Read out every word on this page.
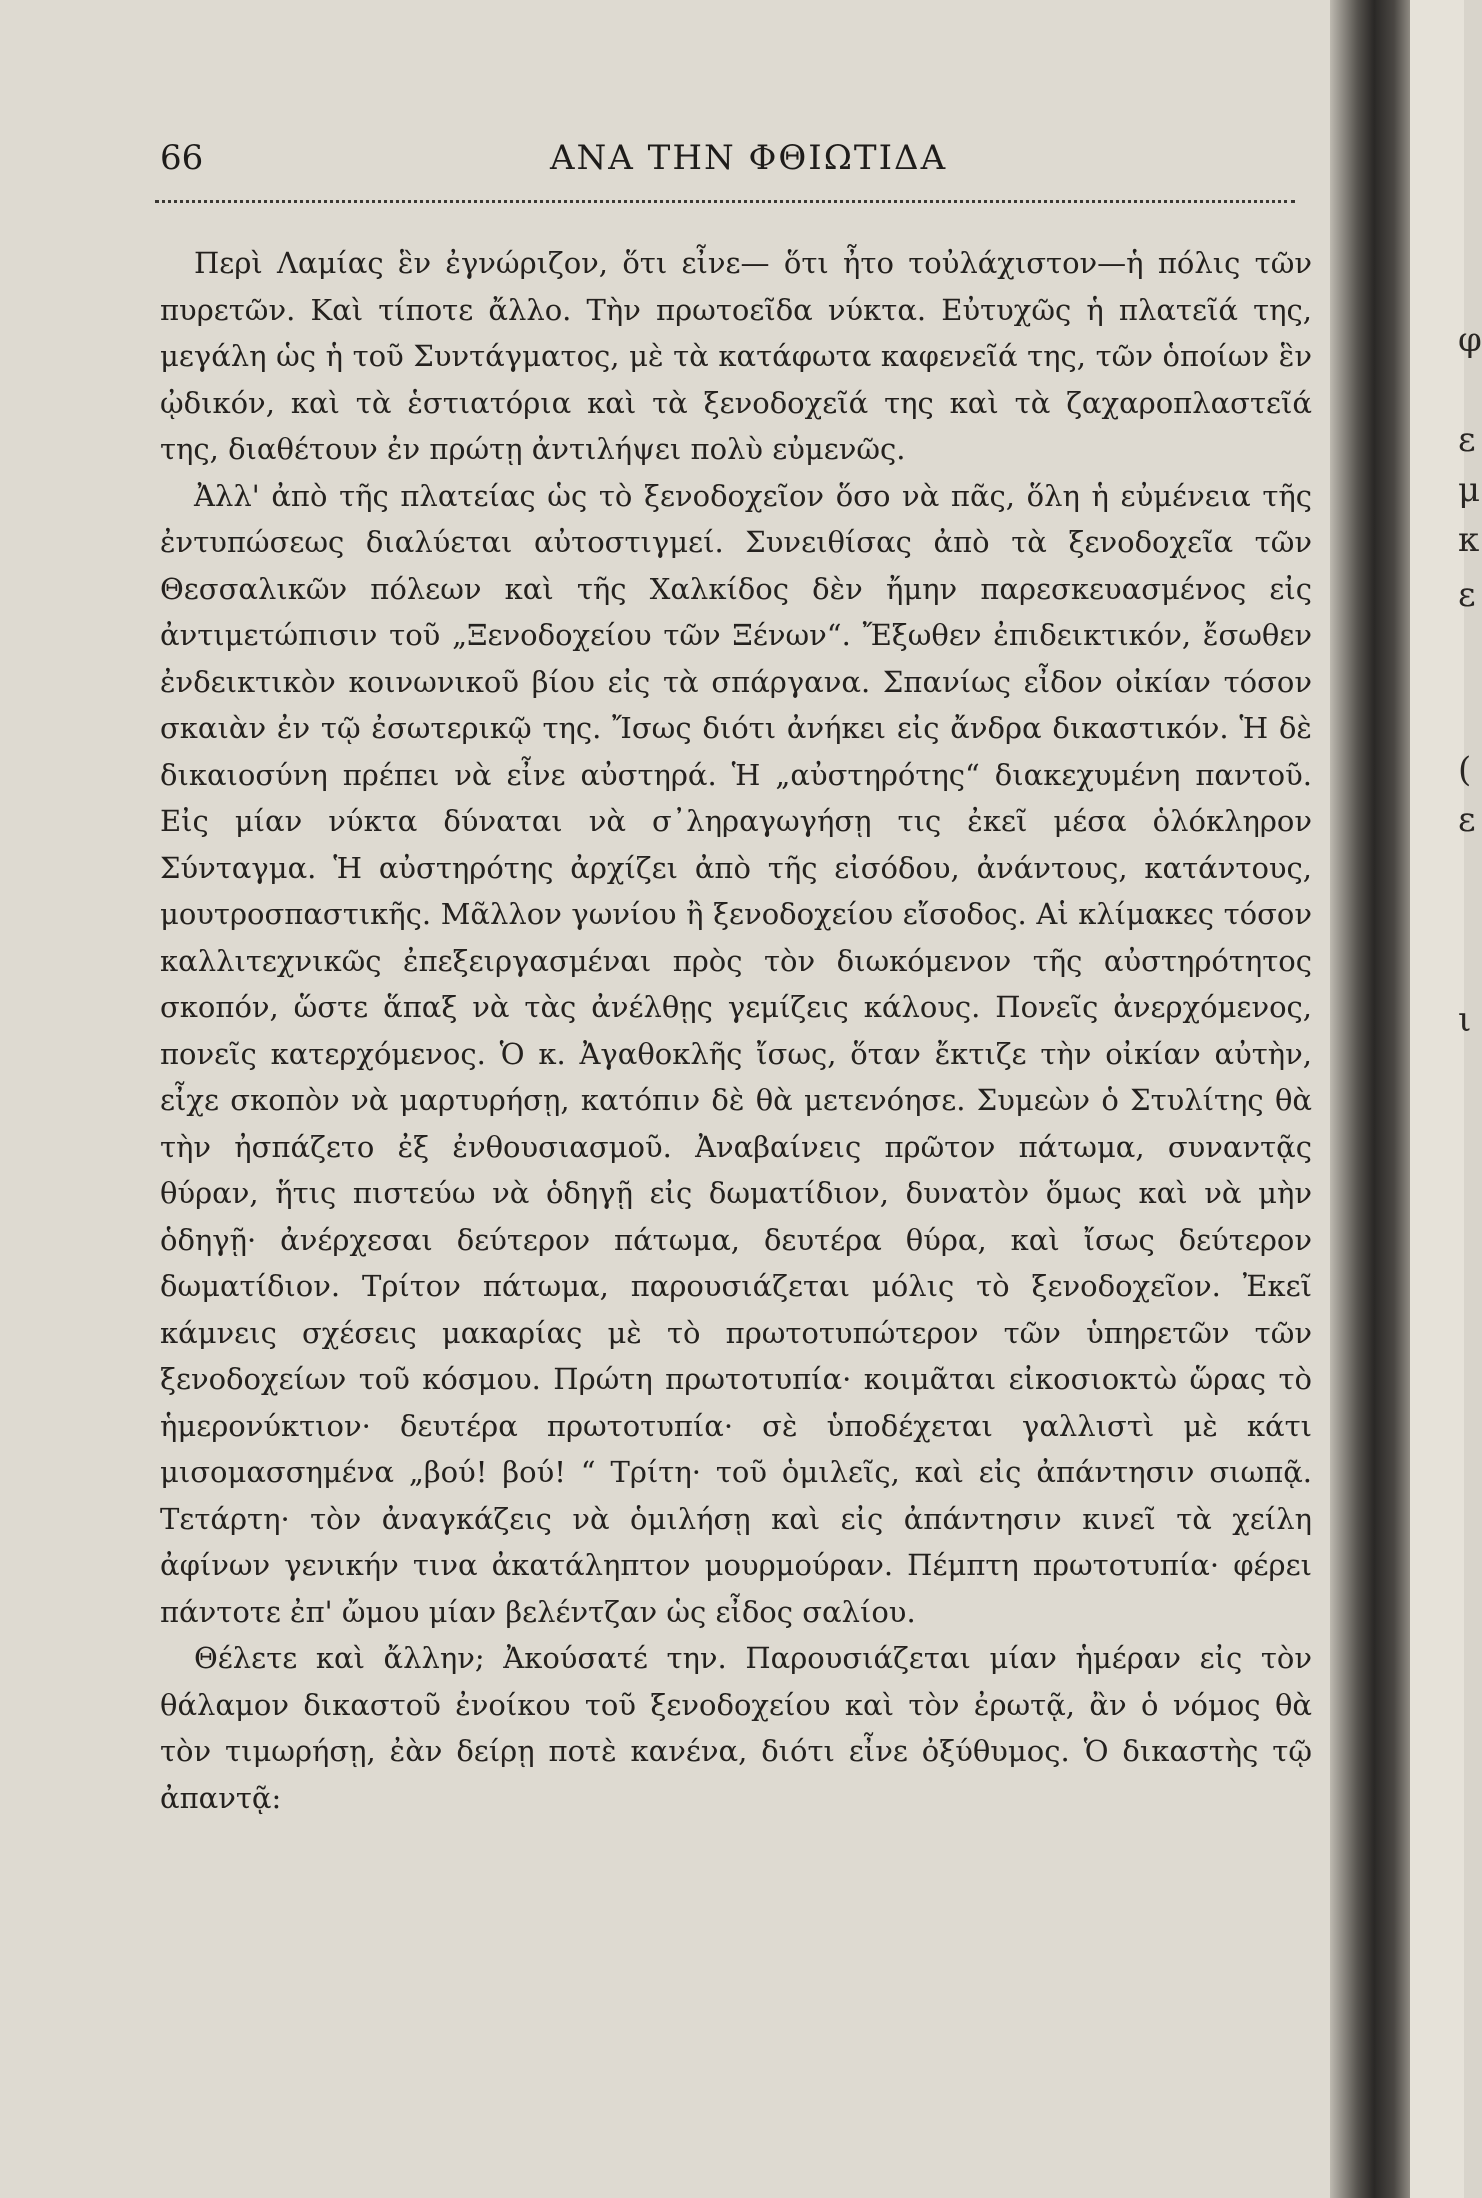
66	ΑΝΑ ΤΗΝ ΦΘΙΩΤΙΔΑ

Περὶ Λαμίας ἓν ἐγνώριζον, ὅτι εἶνε— ὅτι ἦτο τοὐλάχιστον—ἡ πόλις τῶν πυρετῶν. Καὶ τίποτε ἄλλο. Τὴν πρωτοεῖδα νύκτα. Εὐτυχῶς ἡ πλατεῖά της, μεγάλη ὡς ἡ τοῦ Συντάγματος, μὲ τὰ κατάφωτα καφενεῖά της, τῶν ὁποίων ἓν ᾠδικόν, καὶ τὰ ἑστιατόρια καὶ τὰ ξενοδοχεῖά της καὶ τὰ ζαχαροπλαστεῖά της, διαθέτουν ἐν πρώτῃ ἀντιλήψει πολὺ εὐμενῶς.

Ἀλλ' ἀπὸ τῆς πλατείας ὡς τὸ ξενοδοχεῖον ὅσο νὰ πᾶς, ὅλη ἡ εὐμένεια τῆς ἐντυπώσεως διαλύεται αὐτοστιγμεί. Συνειθίσας ἀπὸ τὰ ξενοδοχεῖα τῶν Θεσσαλικῶν πόλεων καὶ τῆς Χαλκίδος δὲν ἤμην παρεσκευασμένος εἰς ἀντιμετώπισιν τοῦ „Ξενοδοχείου τῶν Ξένων“. Ἔξωθεν ἐπιδεικτικόν, ἔσωθεν ἐνδεικτικὸν κοινωνικοῦ βίου εἰς τὰ σπάργανα. Σπανίως εἶδον οἰκίαν τόσον σκαιὰν ἐν τῷ ἐσωτερικῷ της. Ἴσως διότι ἀνήκει εἰς ἄνδρα δικαστικόν. Ἡ δὲ δικαιοσύνη πρέπει νὰ εἶνε αὐστηρά. Ἡ „αὐστηρότης“ διακεχυμένη παντοῦ. Εἰς μίαν νύκτα δύναται νὰ σ᾽ληραγωγήσῃ τις ἐκεῖ μέσα ὁλόκληρον Σύνταγμα. Ἡ αὐστηρότης ἀρχίζει ἀπὸ τῆς εἰσόδου, ἀνάντους, κατάντους, μουτροσπαστικῆς. Μᾶλλον γωνίου ἢ ξενοδοχείου εἴσοδος. Αἱ κλίμακες τόσον καλλιτεχνικῶς ἐπεξειργασμέναι πρὸς τὸν διωκόμενον τῆς αὐστηρότητος σκοπόν, ὥστε ἅπαξ νὰ τὰς ἀνέλθῃς γεμίζεις κάλους. Πονεῖς ἀνερχόμενος, πονεῖς κατερχόμενος. Ὁ κ. Ἀγαθοκλῆς ἴσως, ὅταν ἔκτιζε τὴν οἰκίαν αὐτὴν, εἶχε σκοπὸν νὰ μαρτυρήσῃ, κατόπιν δὲ θὰ μετενόησε. Συμεὼν ὁ Στυλίτης θὰ τὴν ἠσπάζετο ἐξ ἐνθουσιασμοῦ. Ἀναβαίνεις πρῶτον πάτωμα, συναντᾷς θύραν, ἥτις πιστεύω νὰ ὁδηγῇ εἰς δωματίδιον, δυνατὸν ὅμως καὶ νὰ μὴν ὁδηγῇ· ἀνέρχεσαι δεύτερον πάτωμα, δευτέρα θύρα, καὶ ἴσως δεύτερον δωματίδιον. Τρίτον πάτωμα, παρουσιάζεται μόλις τὸ ξενοδοχεῖον. Ἐκεῖ κάμνεις σχέσεις μακαρίας μὲ τὸ πρωτοτυπώτερον τῶν ὑπηρετῶν τῶν ξενοδοχείων τοῦ κόσμου. Πρώτη πρωτοτυπία· κοιμᾶται εἰκοσιοκτὼ ὥρας τὸ ἡμερονύκτιον· δευτέρα πρωτοτυπία· σὲ ὑποδέχεται γαλλιστὶ μὲ κάτι μισομασσημένα „βού! βού! “ Τρίτη· τοῦ ὁμιλεῖς, καὶ εἰς ἀπάντησιν σιωπᾷ. Τετάρτη· τὸν ἀναγκάζεις νὰ ὁμιλήσῃ καὶ εἰς ἀπάντησιν κινεῖ τὰ χείλη ἀφίνων γενικήν τινα ἀκατάληπτον μουρμούραν. Πέμπτη πρωτοτυπία· φέρει πάντοτε ἐπ' ὤμου μίαν βελέντζαν ὡς εἶδος σαλίου.

Θέλετε καὶ ἄλλην; Ἀκούσατέ την. Παρουσιάζεται μίαν ἡμέραν εἰς τὸν θάλαμον δικαστοῦ ἐνοίκου τοῦ ξενοδοχείου καὶ τὸν ἐρωτᾷ, ἂν ὁ νόμος θὰ τὸν τιμωρήσῃ, ἐὰν δείρῃ ποτὲ κανένα, διότι εἶνε ὀξύθυμος. Ὁ δικαστὴς τῷ ἀπαντᾷ:

φ
ε
μ
κ
ε
(
ε
ι
